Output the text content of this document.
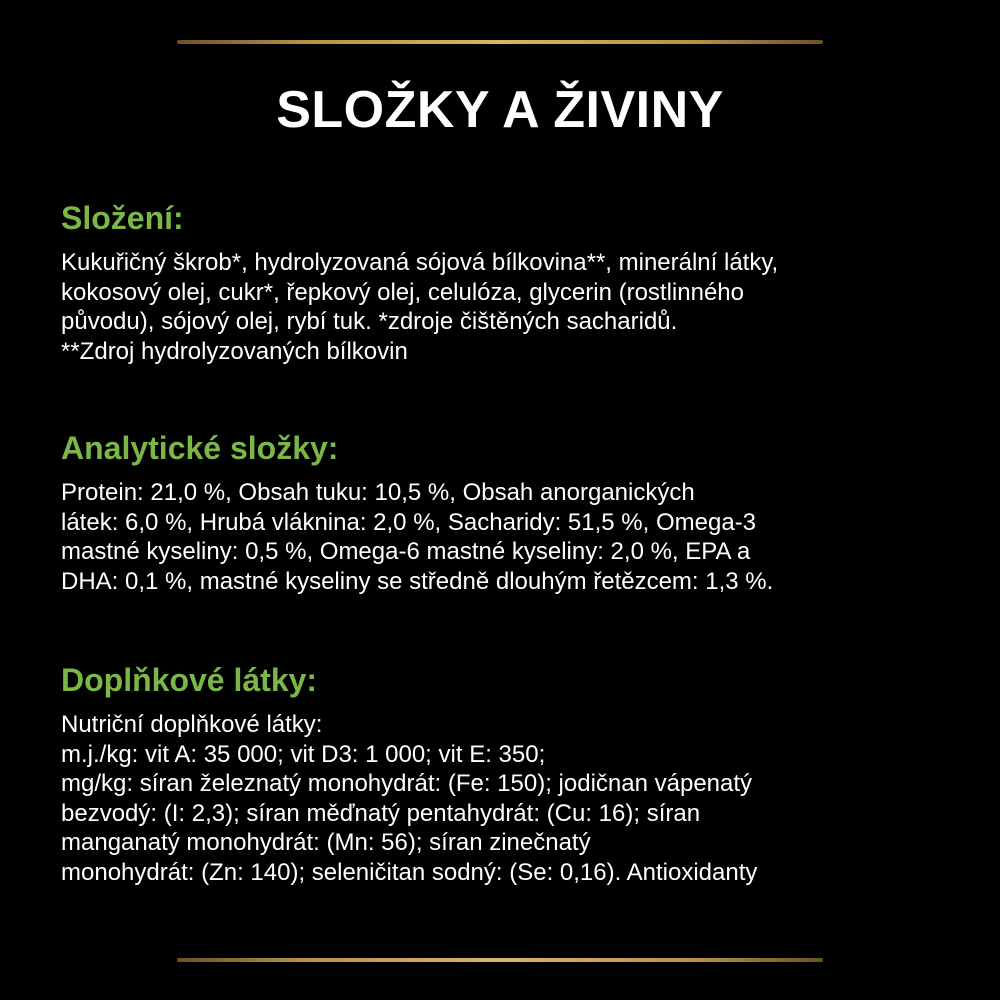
SLOŽKY A ŽIVINY
Složení:

Kukuřičný škrob*, hydrolyzovaná sójová bílkovina**, minerální látky,
kokosový olej, cukr*, řepkový olej, celulóza, glycerin (rostlinného
původu), sójový olej, rybí tuk. *zdroje čištěných sacharidů.
**Zdroj hydrolyzovaných bílkovin

Analytické složky:

Protein: 21,0 %, Obsah tuku: 10,5 %, Obsah anorganických
látek: 6,0 %, Hrubá vláknina: 2,0 %, Sacharidy: 51,5 %, Omega-3
mastné kyseliny: 0,5 %, Omega-6 mastné kyseliny: 2,0 %, EPA a
DHA: 0,1 %, mastné kyseliny se středně dlouhým řetězcem: 1,3 %.

Doplňkové látky:

Nutriční doplňkové látky:
m.j./kg: vit A: 35 000; vit D3: 1 000; vit E: 350;
mg/kg: síran železnatý monohydrát: (Fe: 150); jodičnan vápenatý
bezvodý: (I: 2,3); síran měďnatý pentahydrát: (Cu: 16); síran
manganatý monohydrát: (Mn: 56); síran zinečnatý
monohydrát: (Zn: 140); seleničitan sodný: (Se: 0,16). Antioxidanty
